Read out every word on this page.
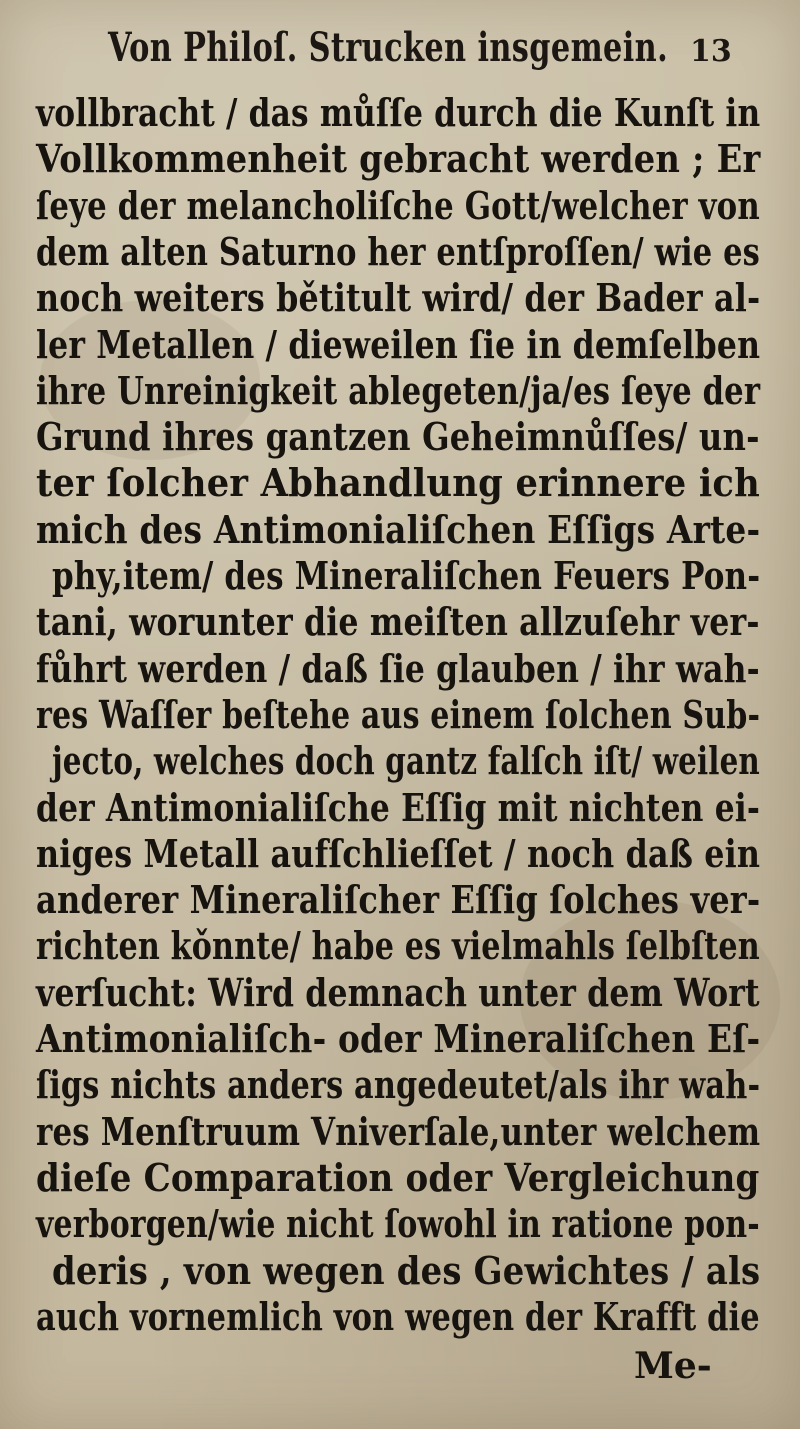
Von Philoſ. Strucken insgemein. 13
vollbracht / das můſſe durch die Kunſt in
Vollkommenheit gebracht werden ; Er
ſeye der melancholiſche Gott/welcher von
dem alten Saturno her entſproſſen/ wie es
noch weiters bětitult wird/ der Bader al-
ler Metallen / dieweilen ſie in demſelben
ihre Unreinigkeit ablegeten/ja/es ſeye der
Grund ihres gantzen Geheimnůſſes/ un-
ter ſolcher Abhandlung erinnere ich
mich des Antimonialiſchen Eſſigs Arte-
phy,item/ des Mineraliſchen Feuers Pon-
tani, worunter die meiſten allzuſehr ver-
fůhrt werden / daß ſie glauben / ihr wah-
res Waſſer beſtehe aus einem ſolchen Sub-
jecto, welches doch gantz falſch iſt/ weilen
der Antimonialiſche Eſſig mit nichten ei-
niges Metall aufſchlieſſet / noch daß ein
anderer Mineraliſcher Eſſig ſolches ver-
richten kǒnnte/ habe es vielmahls ſelbſten
verſucht: Wird demnach unter dem Wort
Antimonialiſch- oder Mineraliſchen Eſ-
ſigs nichts anders angedeutet/als ihr wah-
res Menſtruum Vniverſale,unter welchem
dieſe Comparation oder Vergleichung
verborgen/wie nicht ſowohl in ratione pon-
deris , von wegen des Gewichtes / als
auch vornemlich von wegen der Krafft die
Me-
